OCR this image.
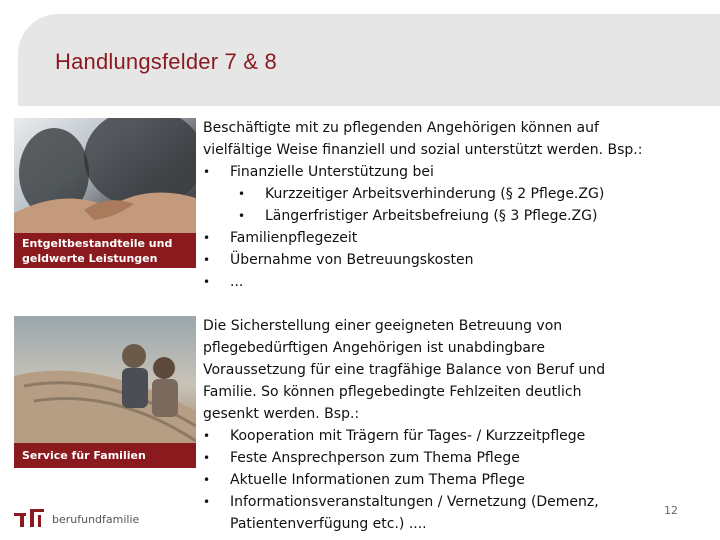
Handlungsfelder 7 & 8
Entgeltbestandteile und
geldwerte Leistungen
Service für Familien
berufundfamilie

Beschäftigte mit zu pflegenden Angehörigen können auf

vielfältige Weise finanziell und sozial unterstützt werden. Bsp.:

• Finanzielle Unterstützung bei
• Kurzzeitiger Arbeitsverhinderung (§ 2 Pflege.ZG)
• Längerfristiger Arbeitsbefreiung (§ 3 Pflege.ZG)
• Familienpflegezeit
• Übernahme von Betreuungskosten
• ...

Die Sicherstellung einer geeigneten Betreuung von

pflegebedürftigen Angehörigen ist unabdingbare

Voraussetzung für eine tragfähige Balance von Beruf und

Familie. So können pflegebedingte Fehlzeiten deutlich

gesenkt werden. Bsp.:

• Kooperation mit Trägern für Tages- / Kurzzeitpflege
• Feste Ansprechperson zum Thema Pflege
• Aktuelle Informationen zum Thema Pflege
• Informationsveranstaltungen / Vernetzung (Demenz,
Patientenverfügung etc.) ....
12
